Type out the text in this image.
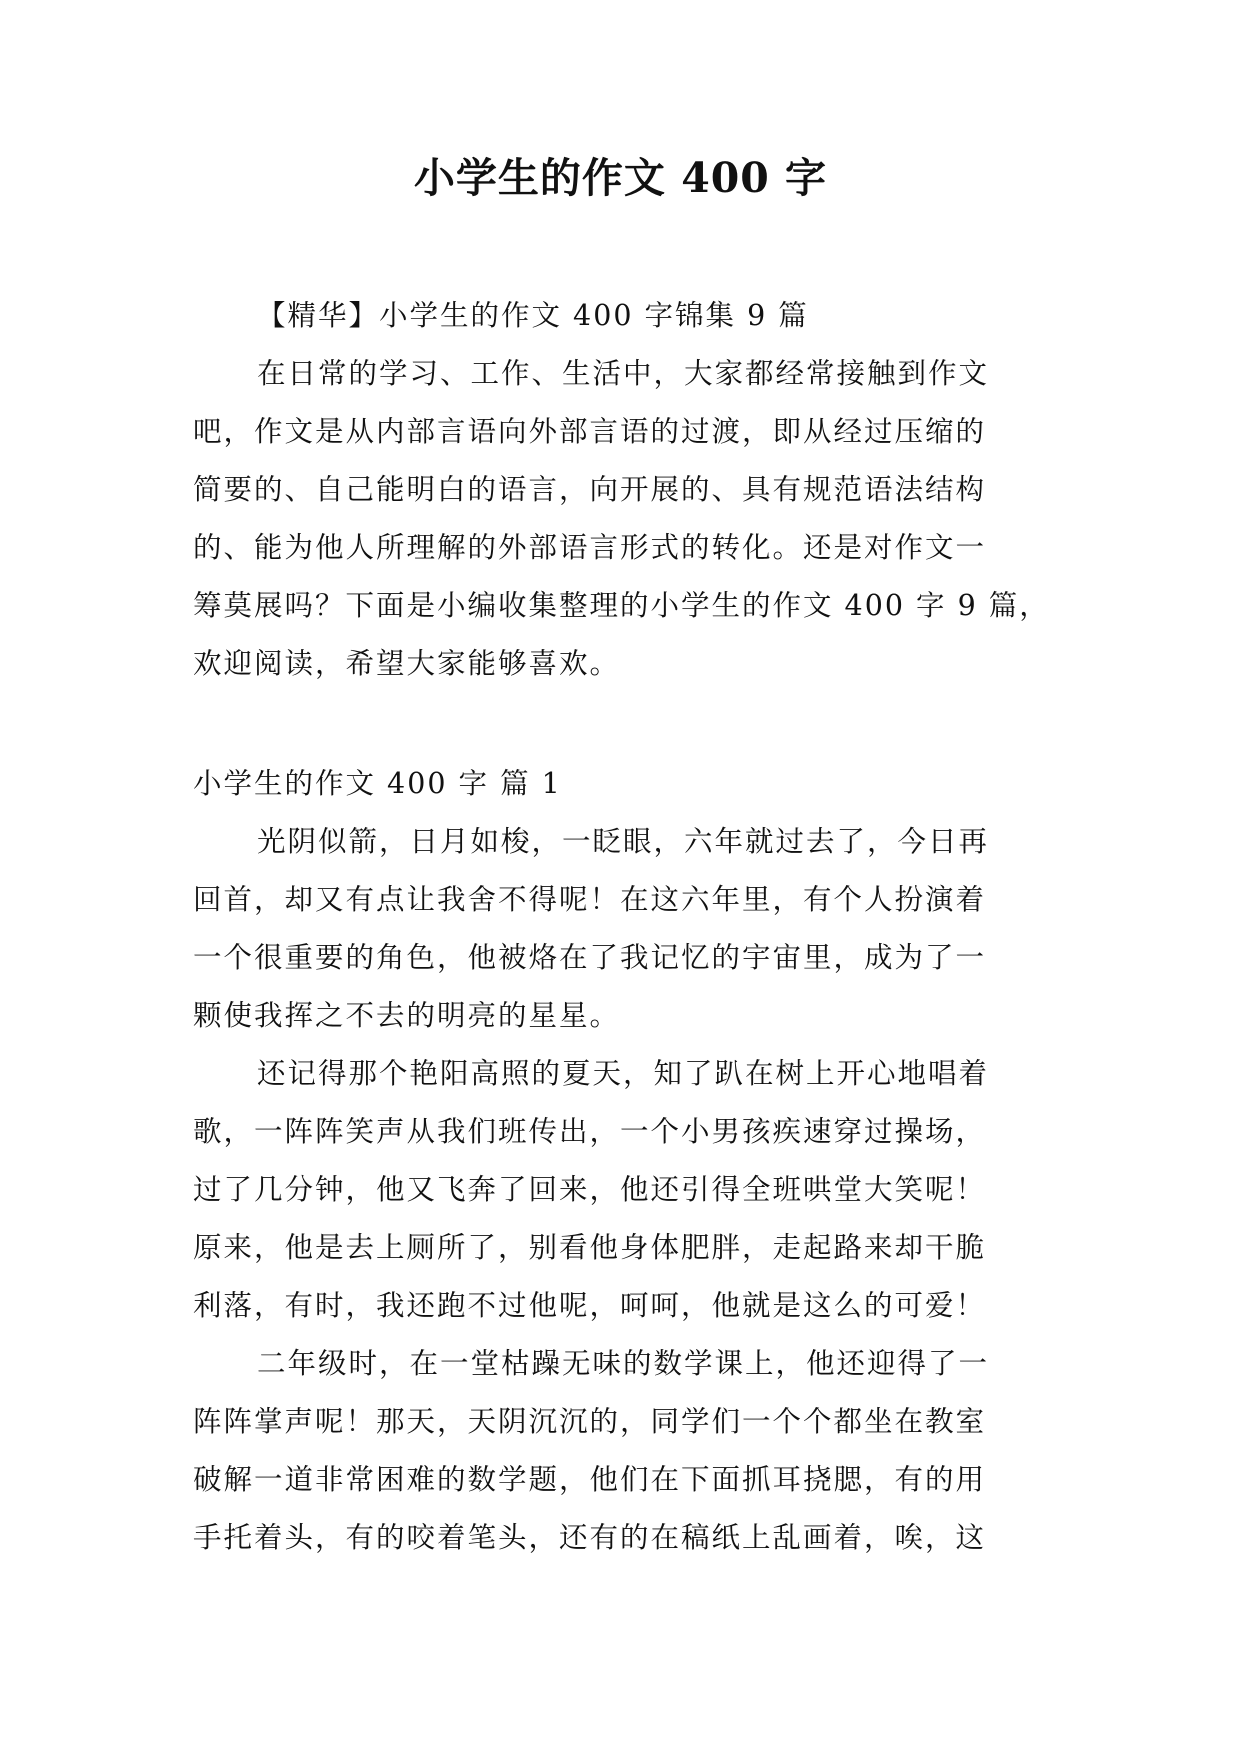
小学生的作文 400 字
【精华】小学生的作文 400 字锦集 9 篇
在日常的学习、工作、生活中，大家都经常接触到作文
吧，作文是从内部言语向外部言语的过渡，即从经过压缩的
简要的、自己能明白的语言，向开展的、具有规范语法结构
的、能为他人所理解的外部语言形式的转化。还是对作文一
筹莫展吗？下面是小编收集整理的小学生的作文 400 字 9 篇，
欢迎阅读，希望大家能够喜欢。
小学生的作文 400 字 篇 1
光阴似箭，日月如梭，一眨眼，六年就过去了，今日再
回首，却又有点让我舍不得呢！在这六年里，有个人扮演着
一个很重要的角色，他被烙在了我记忆的宇宙里，成为了一
颗使我挥之不去的明亮的星星。
还记得那个艳阳高照的夏天，知了趴在树上开心地唱着
歌，一阵阵笑声从我们班传出，一个小男孩疾速穿过操场，
过了几分钟，他又飞奔了回来，他还引得全班哄堂大笑呢！
原来，他是去上厕所了，别看他身体肥胖，走起路来却干脆
利落，有时，我还跑不过他呢，呵呵，他就是这么的可爱！
二年级时，在一堂枯躁无味的数学课上，他还迎得了一
阵阵掌声呢！那天，天阴沉沉的，同学们一个个都坐在教室
破解一道非常困难的数学题，他们在下面抓耳挠腮，有的用
手托着头，有的咬着笔头，还有的在稿纸上乱画着，唉，这
